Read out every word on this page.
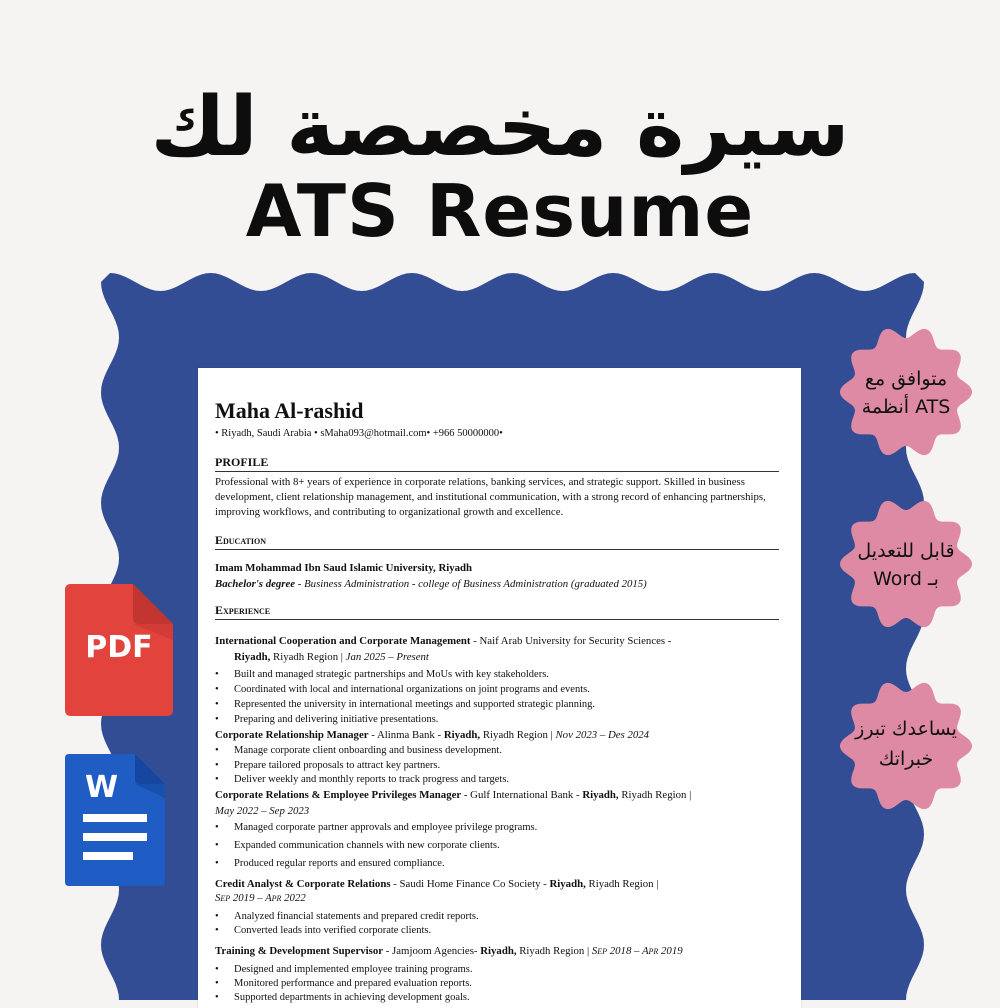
سيرة مخصصة لك
ATS Resume
Maha Al-rashid
• Riyadh, Saudi Arabia • sMaha093@hotmail.com• +966 50000000•
PROFILE
Professional with 8+ years of experience in corporate relations, banking services, and strategic support. Skilled in business development, client relationship management, and institutional communication, with a strong record of enhancing partnerships, improving workflows, and contributing to organizational growth and excellence.
Education
Imam Mohammad Ibn Saud Islamic University, Riyadh
Bachelor's degree - Business Administration - college of Business Administration (graduated 2015)
Experience
International Cooperation and Corporate Management - Naif Arab University for Security Sciences -
Riyadh, Riyadh Region | Jan 2025 – Present
• Built and managed strategic partnerships and MoUs with key stakeholders.
• Coordinated with local and international organizations on joint programs and events.
• Represented the university in international meetings and supported strategic planning.
• Preparing and delivering initiative presentations.
Corporate Relationship Manager - Alinma Bank - Riyadh, Riyadh Region | Nov 2023 – Des 2024
• Manage corporate client onboarding and business development.
• Prepare tailored proposals to attract key partners.
• Deliver weekly and monthly reports to track progress and targets.
Corporate Relations & Employee Privileges Manager - Gulf International Bank - Riyadh, Riyadh Region |
May 2022 – Sep 2023
• Managed corporate partner approvals and employee privilege programs.
• Expanded communication channels with new corporate clients.
• Produced regular reports and ensured compliance.
Credit Analyst & Corporate Relations - Saudi Home Finance Co Society - Riyadh, Riyadh Region |
Sep 2019 – Apr 2022
• Analyzed financial statements and prepared credit reports.
• Converted leads into verified corporate clients.
Training & Development Supervisor - Jamjoom Agencies- Riyadh, Riyadh Region | Sep 2018 – Apr 2019
• Designed and implemented employee training programs.
• Monitored performance and prepared evaluation reports.
• Supported departments in achieving development goals.
متوافق مع
ATS أنظمة
قابل للتعديل
بـ Word
يساعدك تبرز
خبراتك
PDF
W
